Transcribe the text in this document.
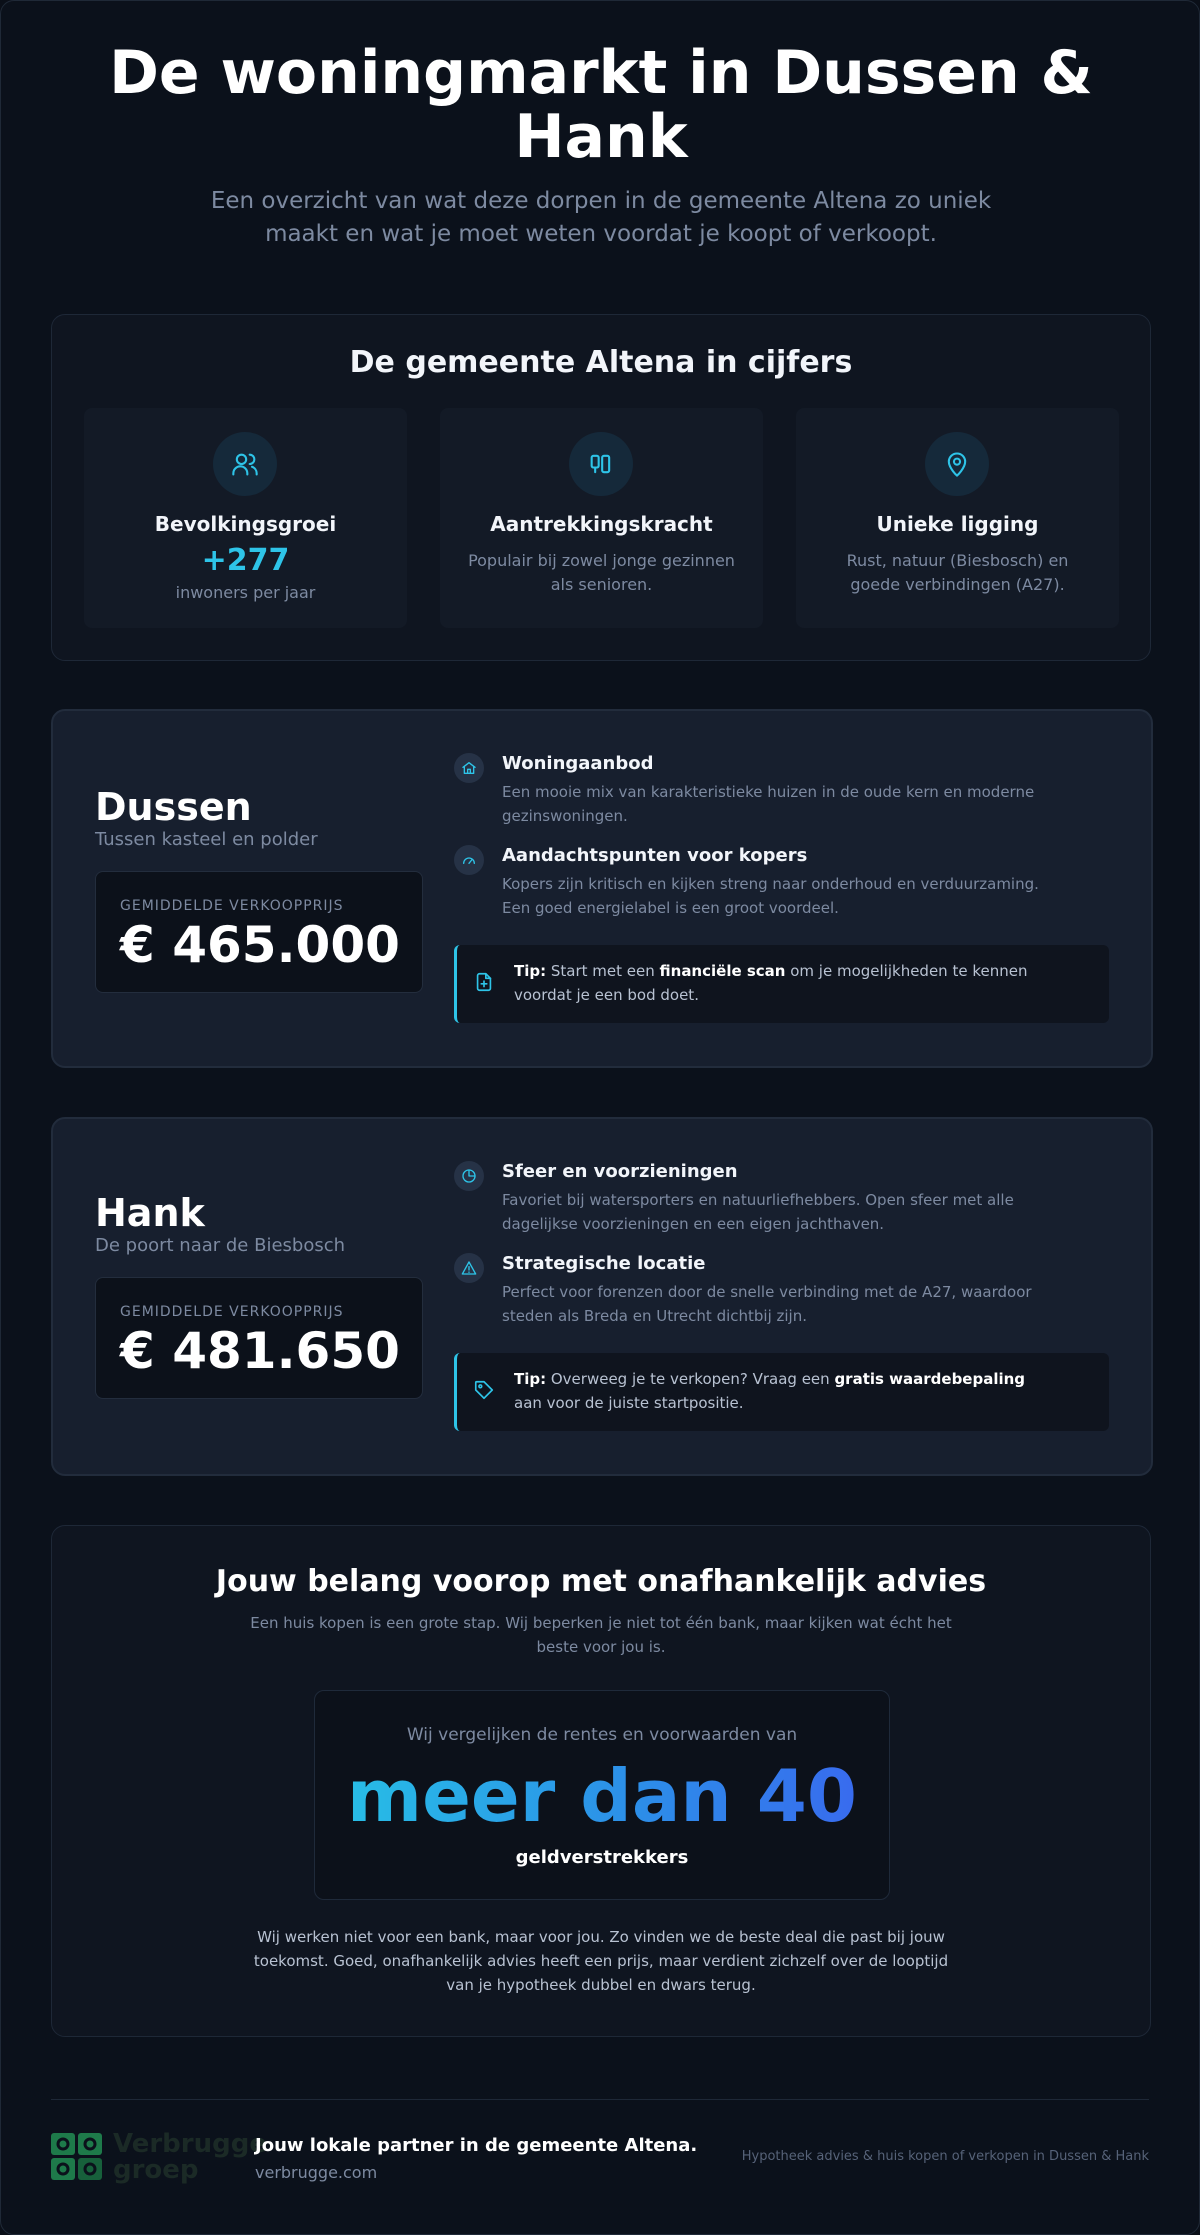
De woningmarkt in Dussen &
Hank
Een overzicht van wat deze dorpen in de gemeente Altena zo uniek
maakt en wat je moet weten voordat je koopt of verkoopt.
De gemeente Altena in cijfers
Bevolkingsgroei
+277
inwoners per jaar
Aantrekkingskracht
Populair bij zowel jonge gezinnen
als senioren.
Unieke ligging
Rust, natuur (Biesbosch) en
goede verbindingen (A27).
Dussen
Tussen kasteel en polder
GEMIDDELDE VERKOOPPRIJS
€ 465.000
Woningaanbod
Een mooie mix van karakteristieke huizen in de oude kern en moderne
gezinswoningen.
Aandachtspunten voor kopers
Kopers zijn kritisch en kijken streng naar onderhoud en verduurzaming.
Een goed energielabel is een groot voordeel.
Tip: Start met een financiële scan om je mogelijkheden te kennen
voordat je een bod doet.
Hank
De poort naar de Biesbosch
GEMIDDELDE VERKOOPPRIJS
€ 481.650
Sfeer en voorzieningen
Favoriet bij watersporters en natuurliefhebbers. Open sfeer met alle
dagelijkse voorzieningen en een eigen jachthaven.
Strategische locatie
Perfect voor forenzen door de snelle verbinding met de A27, waardoor
steden als Breda en Utrecht dichtbij zijn.
Tip: Overweeg je te verkopen? Vraag een gratis waardebepaling
aan voor de juiste startpositie.
Jouw belang voorop met onafhankelijk advies
Een huis kopen is een grote stap. Wij beperken je niet tot één bank, maar kijken wat écht het
beste voor jou is.
Wij vergelijken de rentes en voorwaarden van
meer dan 40
geldverstrekkers
Wij werken niet voor een bank, maar voor jou. Zo vinden we de beste deal die past bij jouw
toekomst. Goed, onafhankelijk advies heeft een prijs, maar verdient zichzelf over de looptijd
van je hypotheek dubbel en dwars terug.
Verbrugge
groep
Jouw lokale partner in de gemeente Altena.
verbrugge.com
Hypotheek advies & huis kopen of verkopen in Dussen & Hank
